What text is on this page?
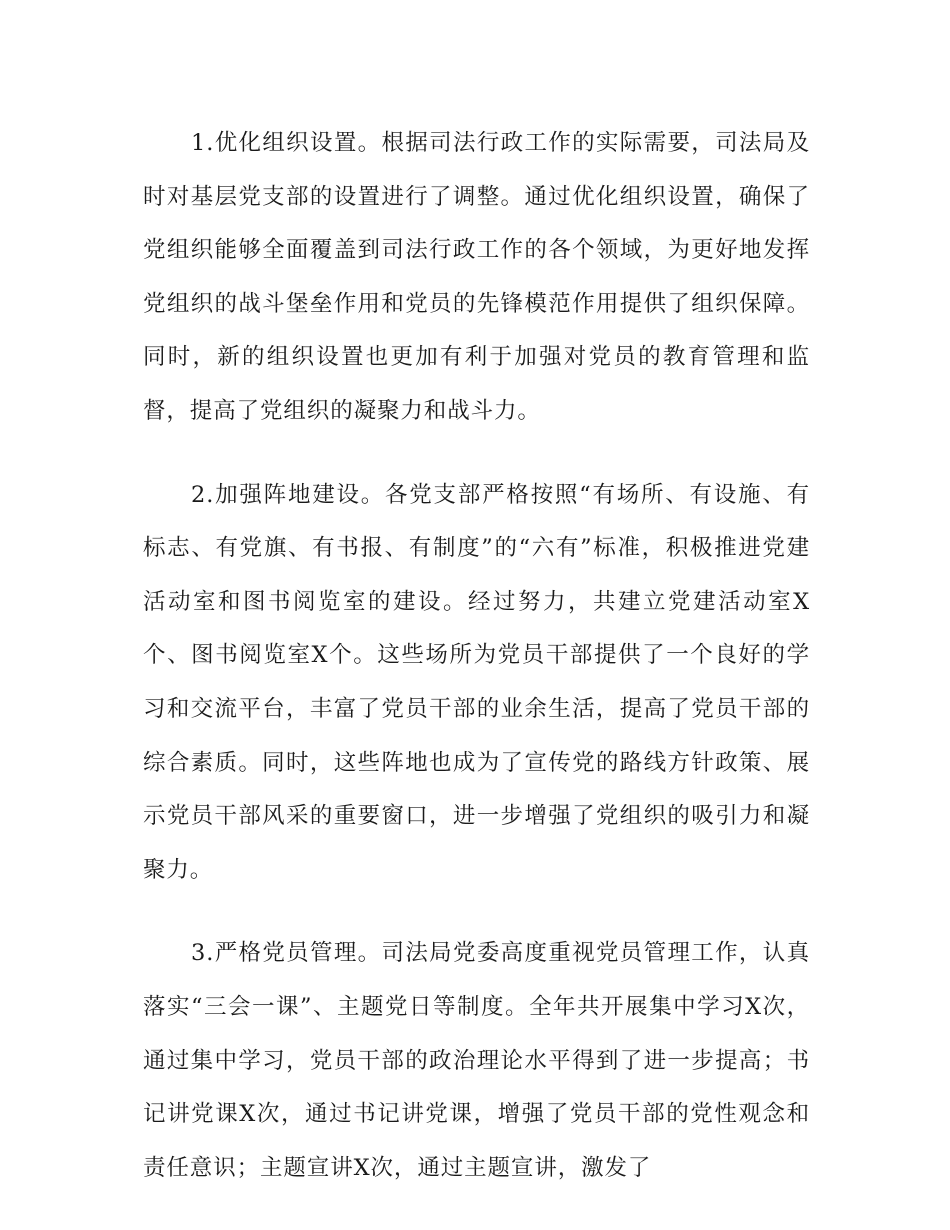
1.优化组织设置。根据司法行政工作的实际需要，司法局及时对基层党支部的设置进行了调整。通过优化组织设置，确保了党组织能够全面覆盖到司法行政工作的各个领域，为更好地发挥党组织的战斗堡垒作用和党员的先锋模范作用提供了组织保障。同时，新的组织设置也更加有利于加强对党员的教育管理和监督，提高了党组织的凝聚力和战斗力。

2.加强阵地建设。各党支部严格按照“有场所、有设施、有标志、有党旗、有书报、有制度”的“六有”标准，积极推进党建活动室和图书阅览室的建设。经过努力，共建立党建活动室X个、图书阅览室X个。这些场所为党员干部提供了一个良好的学习和交流平台，丰富了党员干部的业余生活，提高了党员干部的综合素质。同时，这些阵地也成为了宣传党的路线方针政策、展示党员干部风采的重要窗口，进一步增强了党组织的吸引力和凝聚力。

3.严格党员管理。司法局党委高度重视党员管理工作，认真落实“三会一课”、主题党日等制度。全年共开展集中学习X次，通过集中学习，党员干部的政治理论水平得到了进一步提高；书记讲党课X次，通过书记讲党课，增强了党员干部的党性观念和责任意识；主题宣讲X次，通过主题宣讲，激发了
